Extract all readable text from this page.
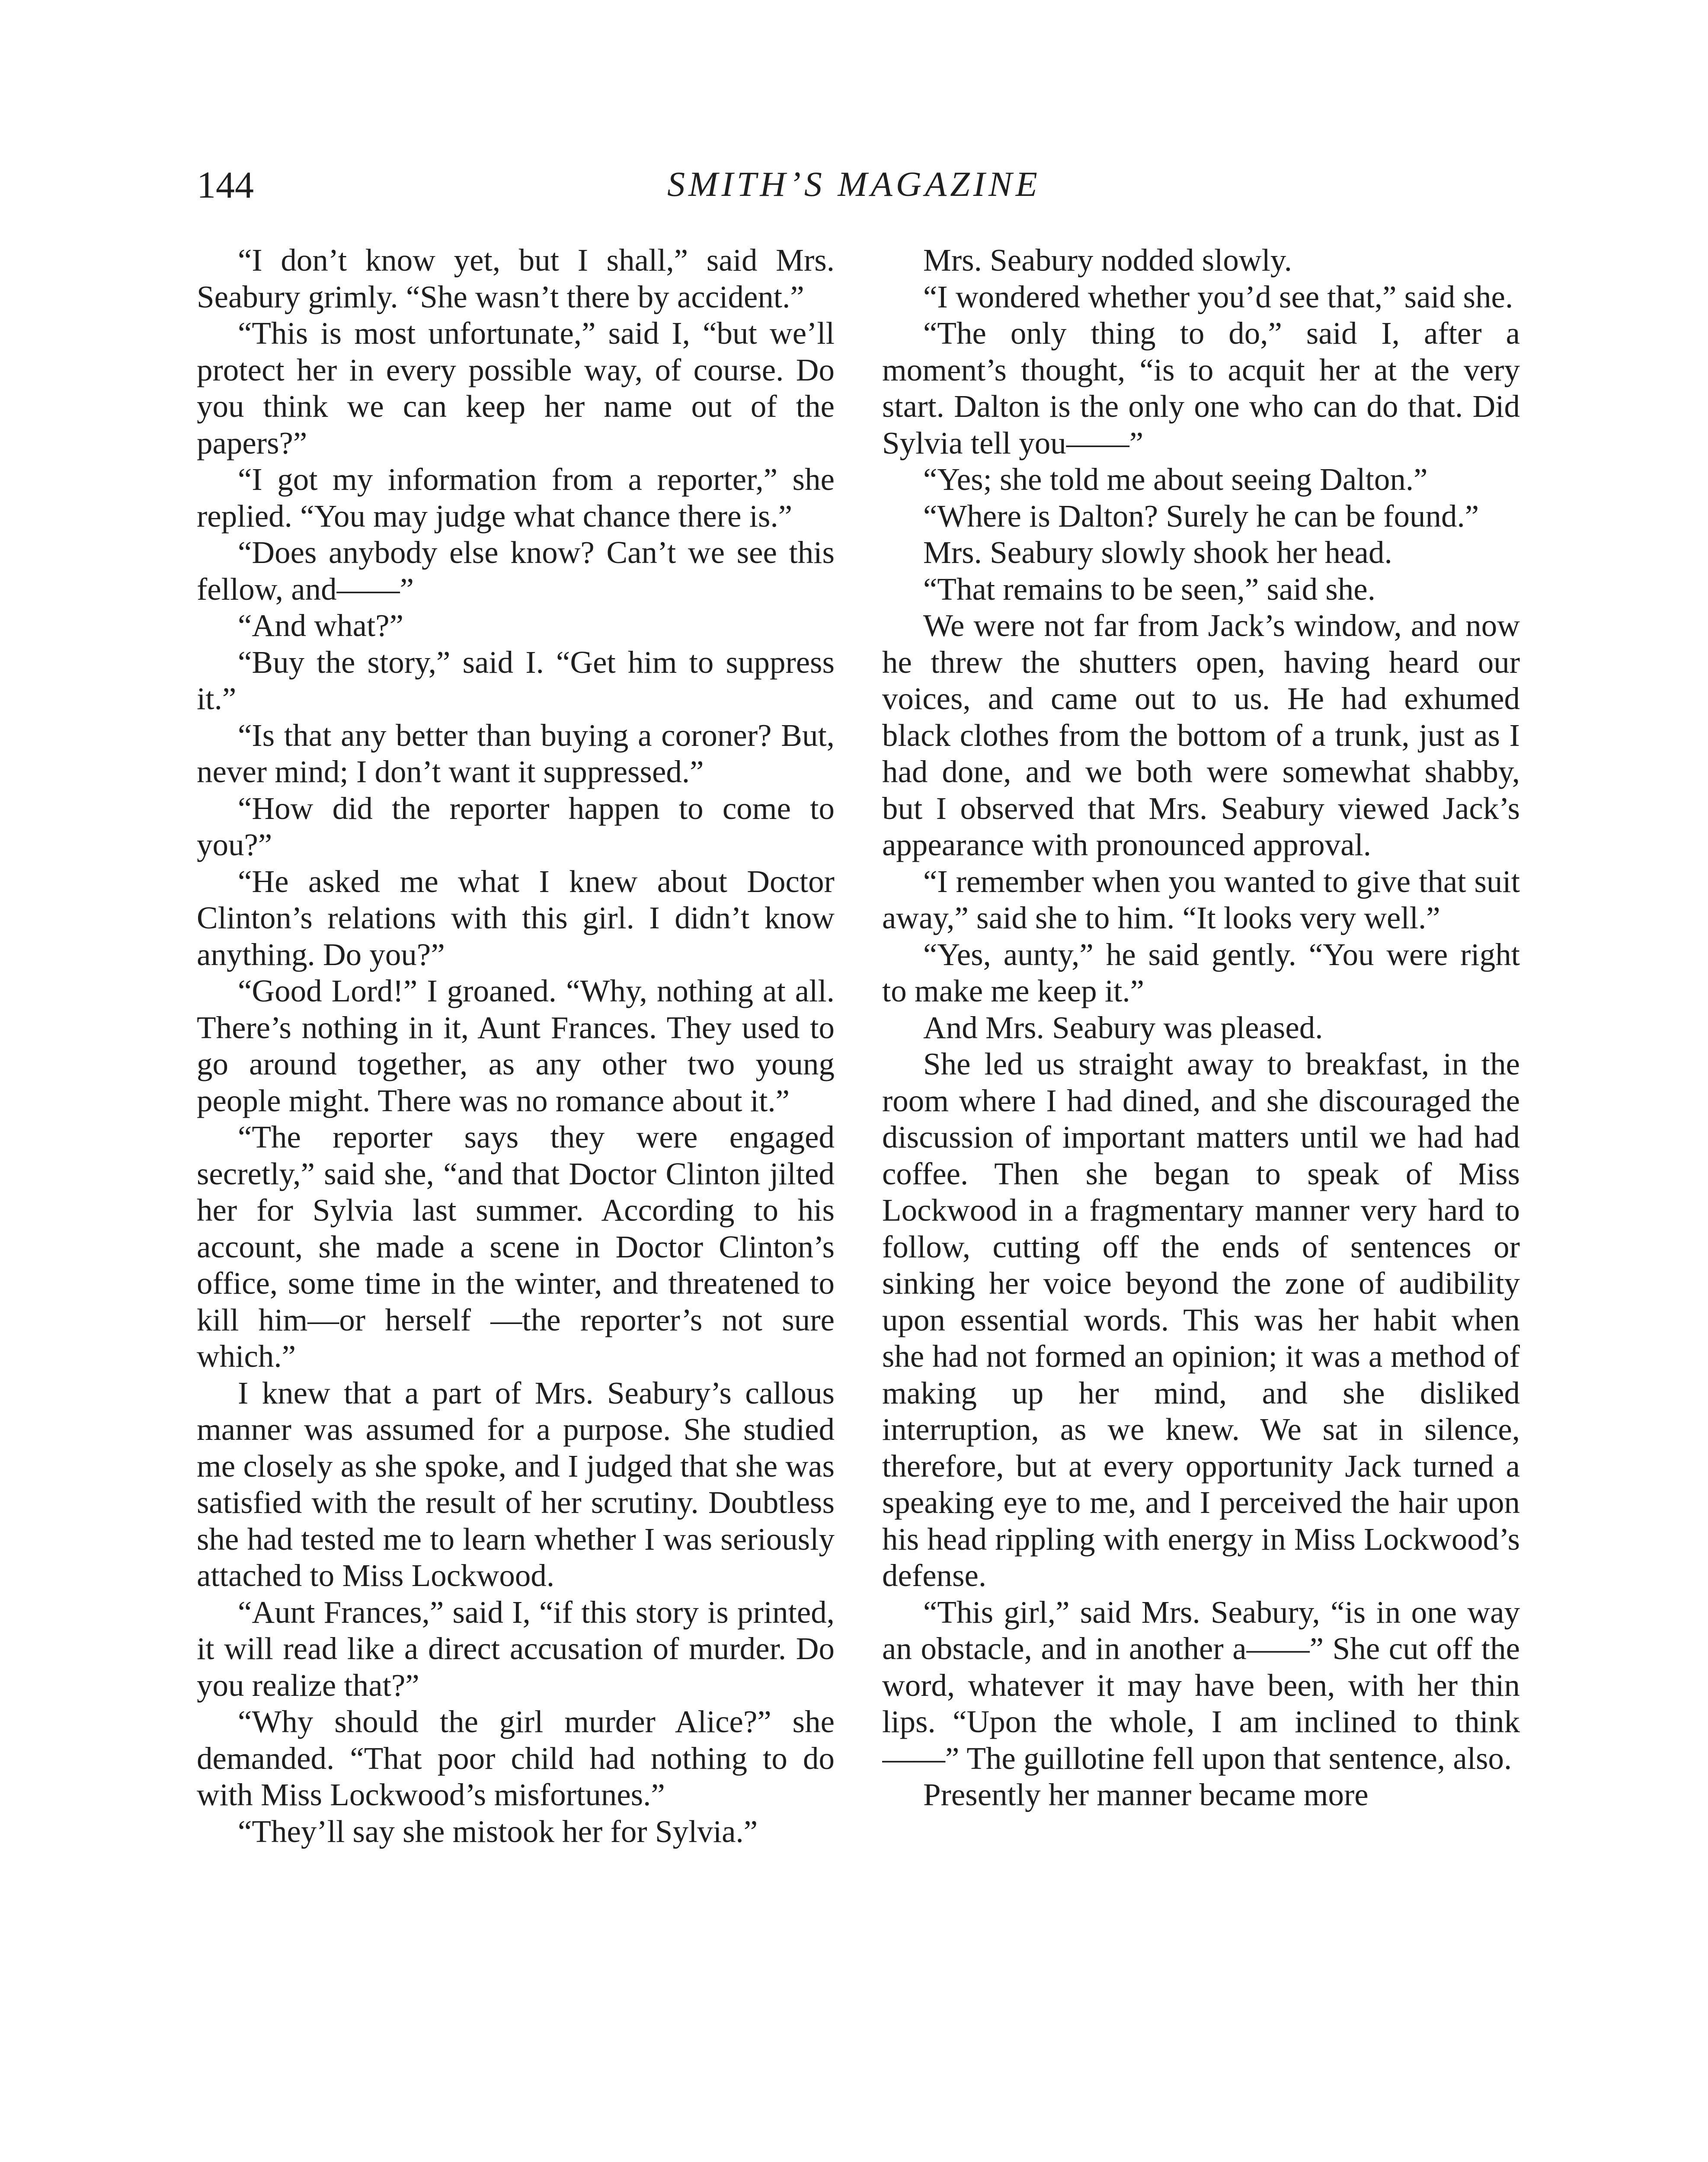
144	SMITH’S MAGAZINE

“I don’t know yet, but I shall,” said Mrs. Seabury grimly. “She wasn’t there by accident.”

“This is most unfortunate,” said I, “but we’ll protect her in every possible way, of course. Do you think we can keep her name out of the papers?”

“I got my information from a reporter,” she replied. “You may judge what chance there is.”

“Does anybody else know? Can’t we see this fellow, and——”

“And what?”

“Buy the story,” said I. “Get him to suppress it.”

“Is that any better than buying a coroner? But, never mind; I don’t want it suppressed.”

“How did the reporter happen to come to you?”

“He asked me what I knew about Doctor Clinton’s relations with this girl. I didn’t know anything. Do you?”

“Good Lord!” I groaned. “Why, nothing at all. There’s nothing in it, Aunt Frances. They used to go around together, as any other two young people might. There was no romance about it.”

“The reporter says they were engaged secretly,” said she, “and that Doctor Clinton jilted her for Sylvia last summer. According to his account, she made a scene in Doctor Clinton’s office, some time in the winter, and threatened to kill him—or herself —the reporter’s not sure which.”

I knew that a part of Mrs. Seabury’s callous manner was assumed for a purpose. She studied me closely as she spoke, and I judged that she was satisfied with the result of her scrutiny. Doubtless she had tested me to learn whether I was seriously attached to Miss Lockwood.

“Aunt Frances,” said I, “if this story is printed, it will read like a direct accusation of murder. Do you realize that?”

“Why should the girl murder Alice?” she demanded. “That poor child had nothing to do with Miss Lockwood’s misfortunes.”

“They’ll say she mistook her for Sylvia.”

Mrs. Seabury nodded slowly.

“I wondered whether you’d see that,” said she.

“The only thing to do,” said I, after a moment’s thought, “is to acquit her at the very start. Dalton is the only one who can do that. Did Sylvia tell you——”

“Yes; she told me about seeing Dalton.”

“Where is Dalton? Surely he can be found.”

Mrs. Seabury slowly shook her head.

“That remains to be seen,” said she.

We were not far from Jack’s window, and now he threw the shutters open, having heard our voices, and came out to us. He had exhumed black clothes from the bottom of a trunk, just as I had done, and we both were somewhat shabby, but I observed that Mrs. Seabury viewed Jack’s appearance with pronounced approval.

“I remember when you wanted to give that suit away,” said she to him. “It looks very well.”

“Yes, aunty,” he said gently. “You were right to make me keep it.”

And Mrs. Seabury was pleased.

She led us straight away to breakfast, in the room where I had dined, and she discouraged the discussion of important matters until we had had coffee. Then she began to speak of Miss Lockwood in a fragmentary manner very hard to follow, cutting off the ends of sentences or sinking her voice beyond the zone of audibility upon essential words. This was her habit when she had not formed an opinion; it was a method of making up her mind, and she disliked interruption, as we knew. We sat in silence, therefore, but at every opportunity Jack turned a speaking eye to me, and I perceived the hair upon his head rippling with energy in Miss Lockwood’s defense.

“This girl,” said Mrs. Seabury, “is in one way an obstacle, and in another a——” She cut off the word, whatever it may have been, with her thin lips. “Upon the whole, I am inclined to think——” The guillotine fell upon that sentence, also.

Presently her manner became more
